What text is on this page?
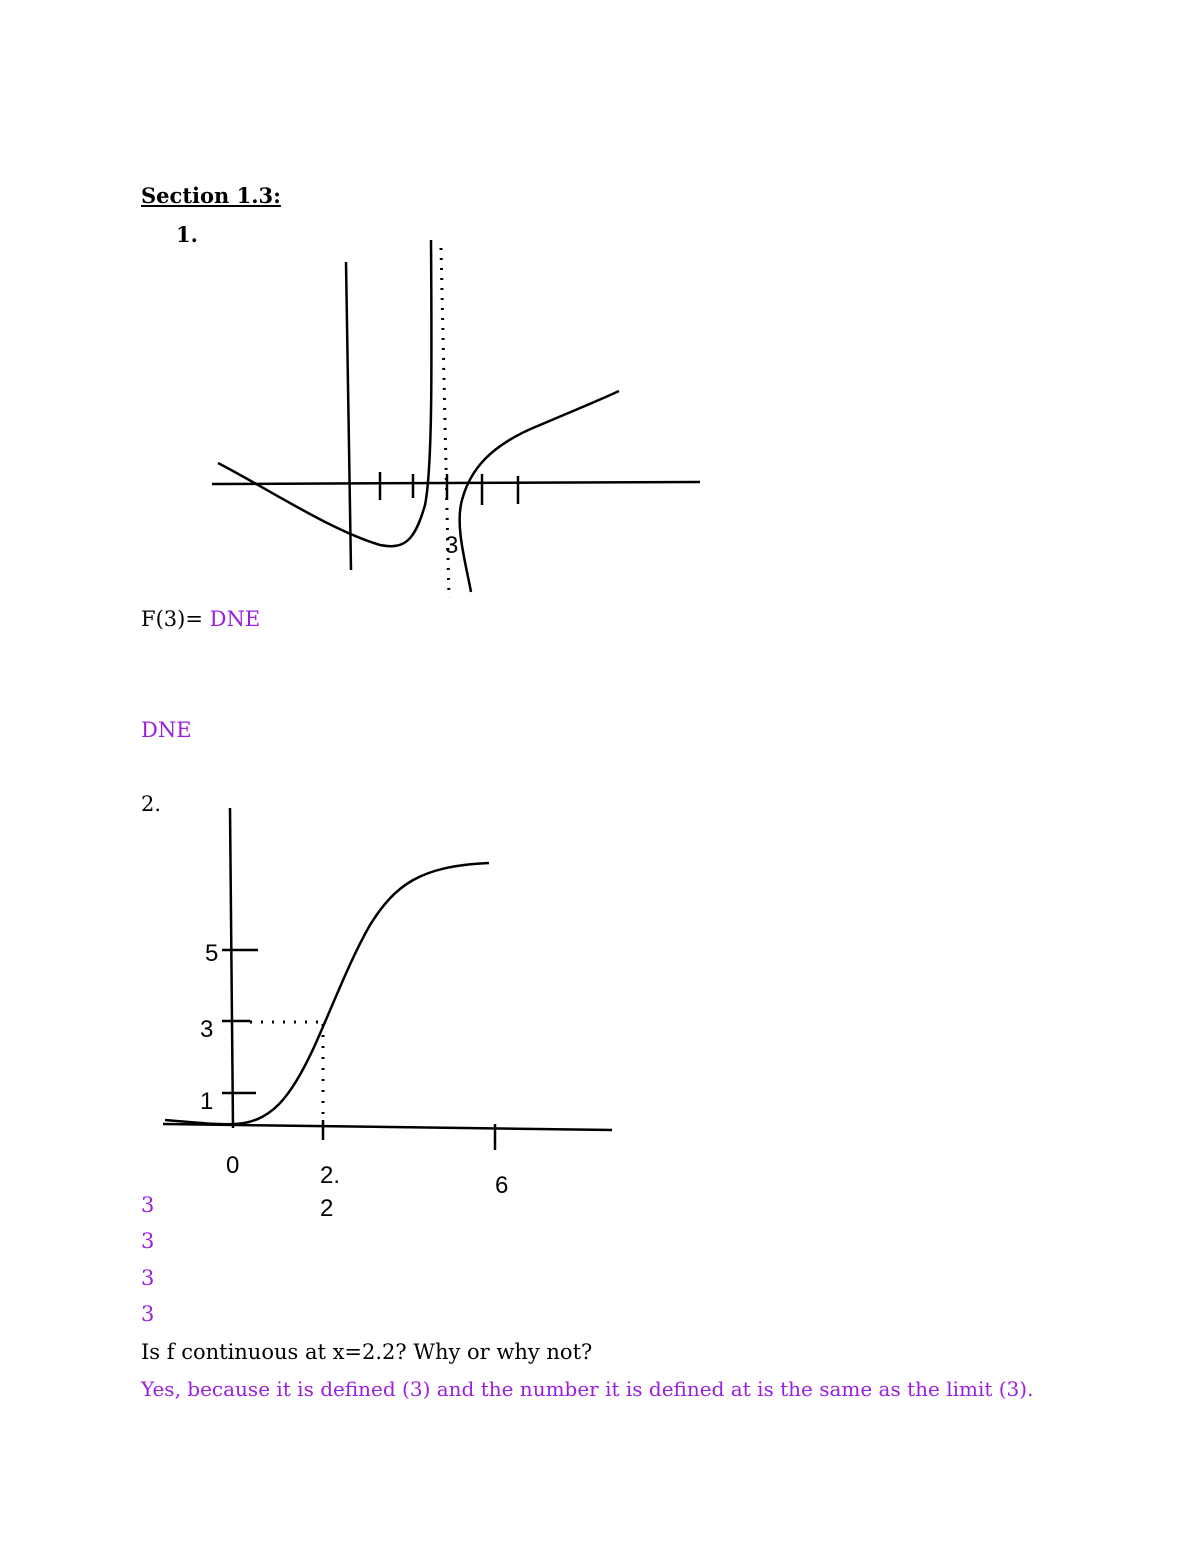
Section 1.3:
1.
3
F(3)= DNE
DNE
2.
5
3
1
0	2.
2
6
3
3
3
3
Is f continuous at x=2.2? Why or why not?
Yes, because it is defined (3) and the number it is defined at is the same as the limit (3).
